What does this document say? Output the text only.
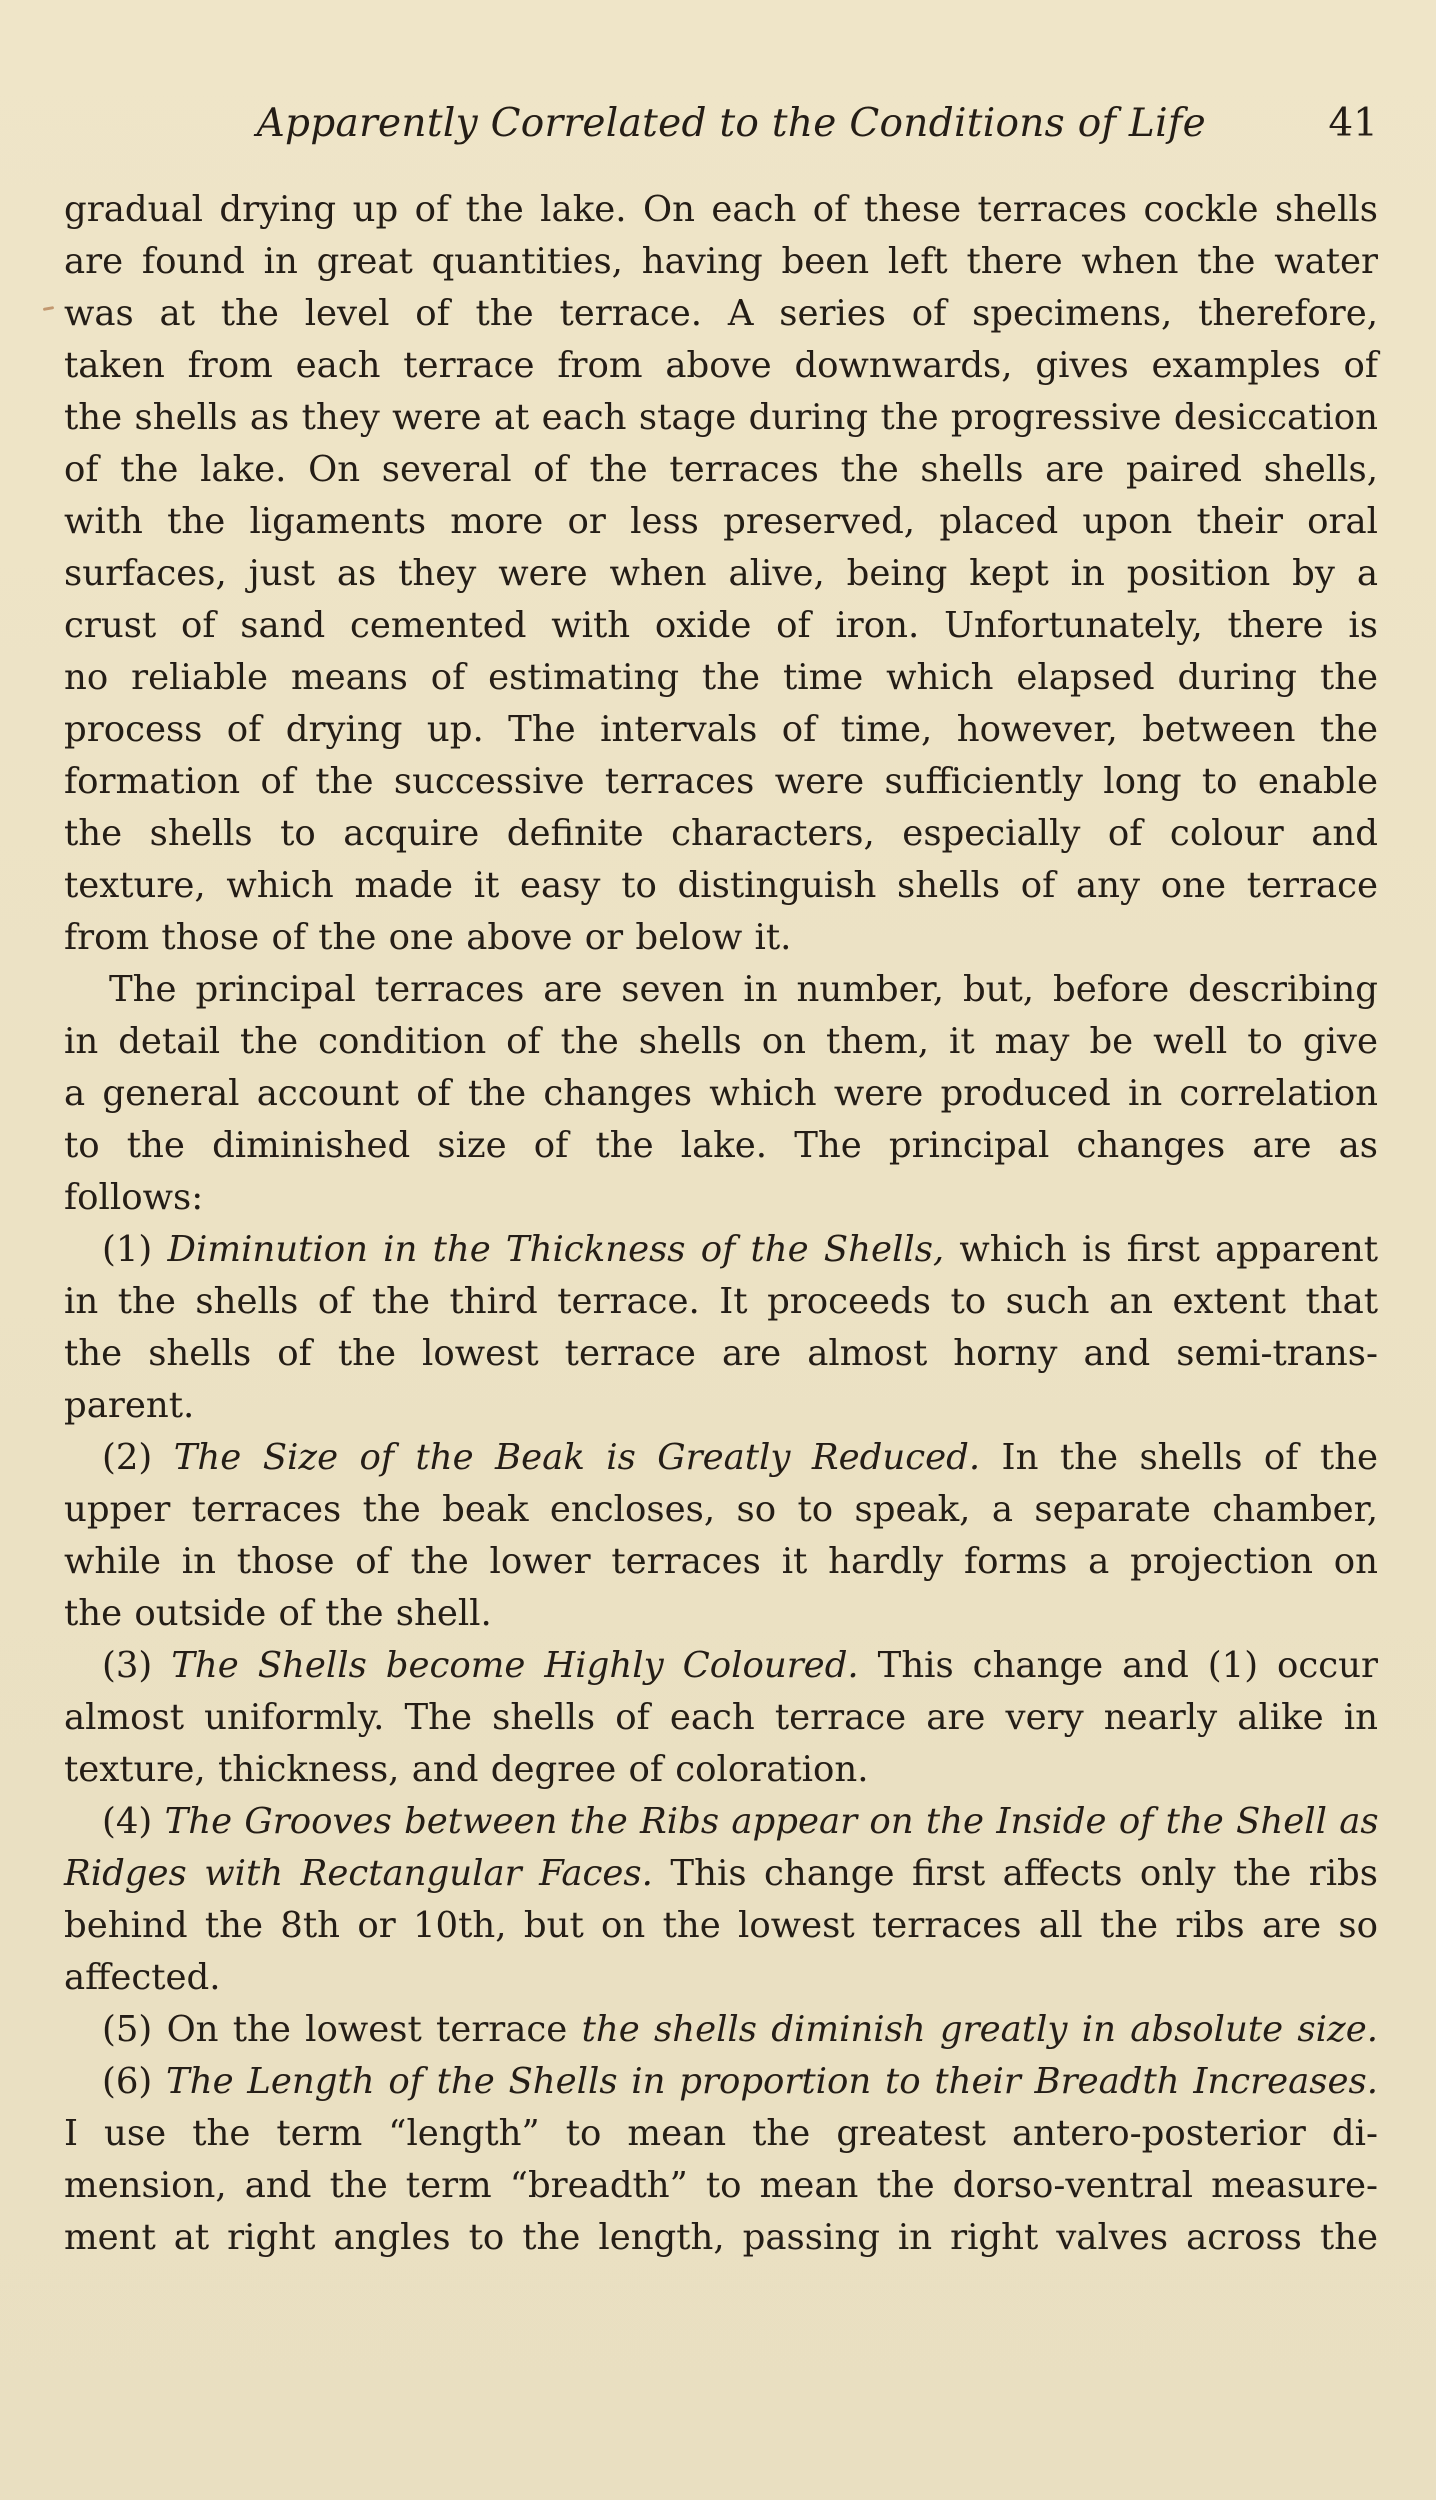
Apparently Correlated to the Conditions of Life	41
gradual drying up of the lake. On each of these terraces cockle shells
are found in great quantities, having been left there when the water
was at the level of the terrace. A series of specimens, therefore,
taken from each terrace from above downwards, gives examples of
the shells as they were at each stage during the progressive desiccation
of the lake. On several of the terraces the shells are paired shells,
with the ligaments more or less preserved, placed upon their oral
surfaces, just as they were when alive, being kept in position by a
crust of sand cemented with oxide of iron. Unfortunately, there is
no reliable means of estimating the time which elapsed during the
process of drying up. The intervals of time, however, between the
formation of the successive terraces were sufficiently long to enable
the shells to acquire definite characters, especially of colour and
texture, which made it easy to distinguish shells of any one terrace
from those of the one above or below it.
The principal terraces are seven in number, but, before describing
in detail the condition of the shells on them, it may be well to give
a general account of the changes which were produced in correlation
to the diminished size of the lake. The principal changes are as
follows:
(1) Diminution in the Thickness of the Shells, which is first apparent
in the shells of the third terrace. It proceeds to such an extent that
the shells of the lowest terrace are almost horny and semi-trans-
parent.
(2) The Size of the Beak is Greatly Reduced. In the shells of the
upper terraces the beak encloses, so to speak, a separate chamber,
while in those of the lower terraces it hardly forms a projection on
the outside of the shell.
(3) The Shells become Highly Coloured. This change and (1) occur
almost uniformly. The shells of each terrace are very nearly alike in
texture, thickness, and degree of coloration.
(4) The Grooves between the Ribs appear on the Inside of the Shell as
Ridges with Rectangular Faces. This change first affects only the ribs
behind the 8th or 10th, but on the lowest terraces all the ribs are so
affected.
(5) On the lowest terrace the shells diminish greatly in absolute size.
(6) The Length of the Shells in proportion to their Breadth Increases.
I use the term “length” to mean the greatest antero-posterior di-
mension, and the term “breadth” to mean the dorso-ventral measure-
ment at right angles to the length, passing in right valves across the
